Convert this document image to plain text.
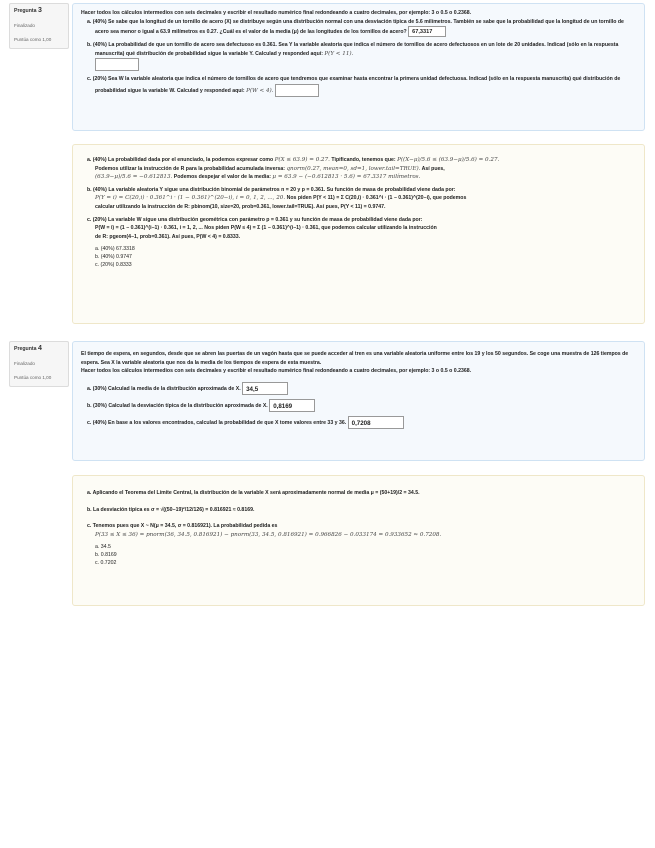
Pregunta 3
Finalizado
Puntúa como 1,00

Hacer todos los cálculos intermedios con seis decimales y escribir el resultado numérico final redondeando a cuatro decimales, por ejemplo: 3 o 0.5 o 0.2368.

a. (40%) Se sabe que la longitud de un tornillo de acero (X) se distribuye según una distribución normal con una desviación típica de 5.6 milímetros. También se sabe que la probabilidad que la longitud de un tornillo de acero sea menor o igual a 63.9 milímetros es 0.27. ¿Cuál es el valor de la media (μ) de las longitudes de los tornillos de acero? 67,3317

b. (40%) La probabilidad de que un tornillo de acero sea defectuoso es 0.361. Sea Y la variable aleatoria que indica el número de tornillos de acero defectuosos en un lote de 20 unidades. Indicad (sólo en la respuesta manuscrita) qué distribución de probabilidad sigue la variable Y. Calculad y responded aquí: P(Y < 11).

c. (20%) Sea W la variable aleatoria que indica el número de tornillos de acero que tendremos que examinar hasta encontrar la primera unidad defectuosa. Indicad (sólo en la respuesta manuscrita) qué distribución de probabilidad sigue la variable W. Calculad y responded aquí: P(W < 4).

a. (40%) La probabilidad dada por el enunciado, la podemos expresar como P(X ≤ 63.9) = 0.27. Tipificando, tenemos que: P((X−μ)/5.6 ≤ (63.9−μ)/5.6) = 0.27.
Podemos utilizar la instrucción de R para la probabilidad acumulada inversa: qnorm(0.27, mean=0, sd=1, lower.tail=TRUE). Así pues,
(63.9−μ)/5.6 = −0.612813. Podemos despejar el valor de la media: μ = 63.9 − (−0.612813 · 5.6) = 67.3317 milímetros.

b. (40%) La variable aleatoria Y sigue una distribución binomial de parámetros n = 20 y p = 0.361. Su función de masa de probabilidad viene dada por:
P(Y = i) = C(20,i) · 0.361^i · (1 − 0.361)^(20−i), i = 0, 1, 2, ..., 20. Nos piden P(Y < 11) = Σ C(20,i) · 0.361^i · (1 − 0.361)^(20−i), que podemos
calcular utilizando la instrucción de R: pbinom(10, size=20, prob=0.361, lower.tail=TRUE). Así pues, P(Y < 11) = 0.9747.

c. (20%) La variable W sigue una distribución geométrica con parámetro p = 0.361 y su función de masa de probabilidad viene dada por:
P(W = i) = (1 − 0.361)^(i−1) · 0.361, i = 1, 2, ... Nos piden P(W ≤ 4) = Σ (1 − 0.361)^(i−1) · 0.361, que podemos calcular utilizando la instrucción
de R: pgeom(4−1, prob=0.361). Así pues, P(W < 4) = 0.8333.

a. (40%) 67.3318
b. (40%) 0.9747
c. (20%) 0.8333
Pregunta 4
Finalizado
Puntúa como 1,00

El tiempo de espera, en segundos, desde que se abren las puertas de un vagón hasta que se puede acceder al tren es una variable aleatoria uniforme entre los 19 y los 50 segundos. Se coge una muestra de 126 tiempos de espera. Sea X la variable aleatoria que nos da la media de los tiempos de espera de esta muestra.

Hacer todos los cálculos intermedios con seis decimales y escribir el resultado numérico final redondeando a cuatro decimales, por ejemplo: 3 o 0.5 o 0.2368.

a. (30%) Calculad la media de la distribución aproximada de X. 34,5

b. (30%) Calculad la desviación típica de la distribución aproximada de X. 0,8169

c. (40%) En base a los valores encontrados, calculad la probabilidad de que X tome valores entre 33 y 36. 0,7208

a. Aplicando el Teorema del Límite Central, la distribución de la variable X será aproximadamente normal de media μ = (50+19)/2 = 34.5.

b. La desviación típica es σ = √((50−19)²/12/126) = 0.816921 ≈ 0.8169.

c. Tenemos pues que X ~ N(μ = 34.5, σ = 0.816921). La probabilidad pedida es
P(33 ≤ X ≤ 36) = pnorm(36, 34.5, 0.816921) − pnorm(33, 34.5, 0.816921) = 0.966826 − 0.033174 = 0.933652 ≈ 0.7208.

a. 34.5
b. 0.8169
c. 0.7202
